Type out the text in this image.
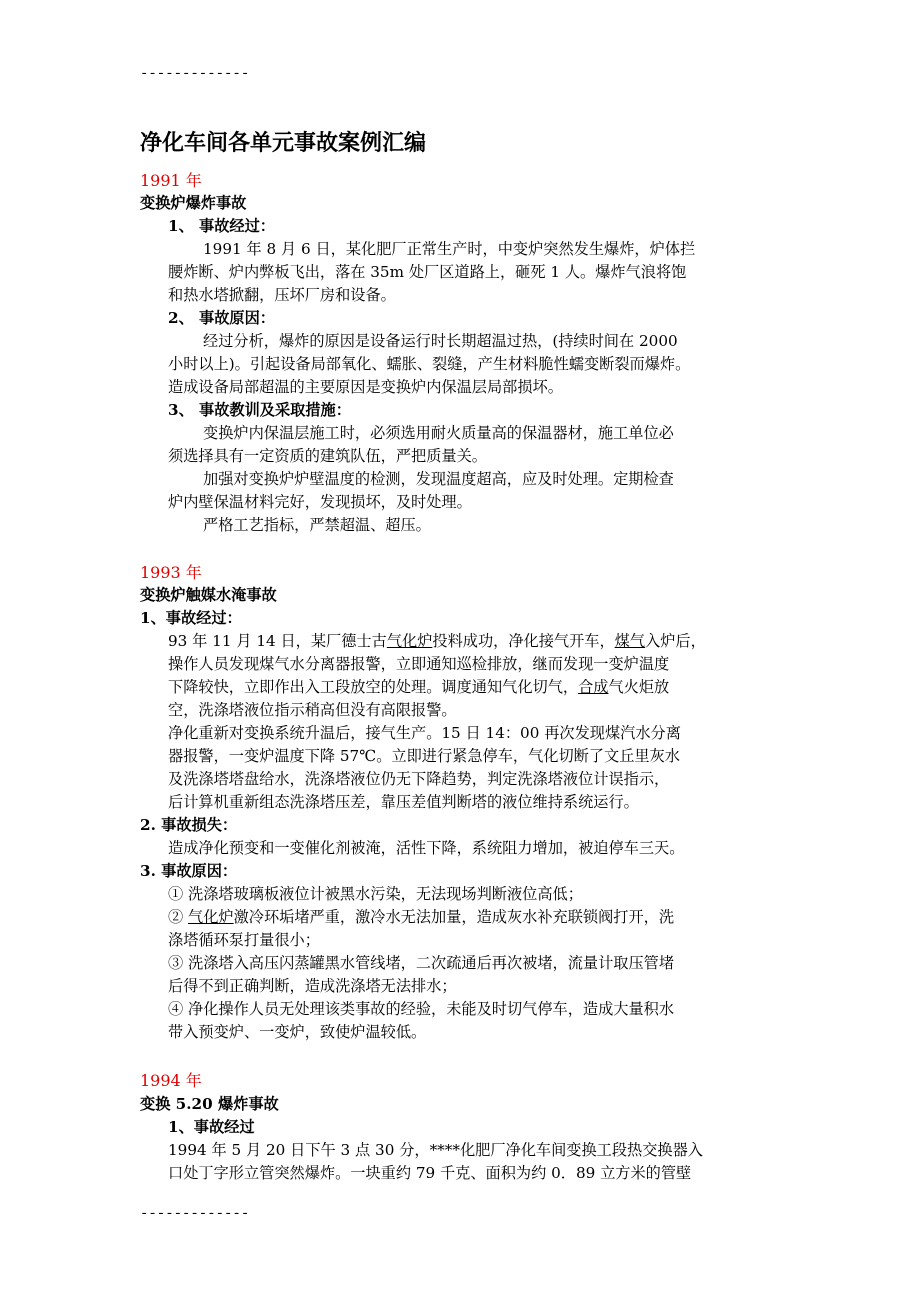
-------------
净化车间各单元事故案例汇编
1991 年
变换炉爆炸事故
1、 事故经过：
1991 年 8 月 6 日，某化肥厂正常生产时，中变炉突然发生爆炸，炉体拦
腰炸断、炉内弊板飞出，落在 35m 处厂区道路上，砸死 1 人。爆炸气浪将饱
和热水塔掀翻，压坏厂房和设备。
2、 事故原因：
经过分析，爆炸的原因是设备运行时长期超温过热，(持续时间在 2000
小时以上)。引起设备局部氧化、蠕胀、裂缝，产生材料脆性蠕变断裂而爆炸。
造成设备局部超温的主要原因是变换炉内保温层局部损坏。
3、 事故教训及采取措施：
变换炉内保温层施工时，必须选用耐火质量高的保温器材，施工单位必
须选择具有一定资质的建筑队伍，严把质量关。
加强对变换炉炉壁温度的检测，发现温度超高，应及时处理。定期检查
炉内壁保温材料完好，发现损坏，及时处理。
严格工艺指标，严禁超温、超压。
1993 年
变换炉触媒水淹事故
1、事故经过：
93 年 11 月 14 日，某厂德士古气化炉投料成功，净化接气开车，煤气入炉后，
操作人员发现煤气水分离器报警，立即通知巡检排放，继而发现一变炉温度
下降较快，立即作出入工段放空的处理。调度通知气化切气，合成气火炬放
空，洗涤塔液位指示稍高但没有高限报警。
净化重新对变换系统升温后，接气生产。15 日 14：00 再次发现煤汽水分离
器报警，一变炉温度下降 57℃。立即进行紧急停车，气化切断了文丘里灰水
及洗涤塔塔盘给水，洗涤塔液位仍无下降趋势，判定洗涤塔液位计误指示，
后计算机重新组态洗涤塔压差，靠压差值判断塔的液位维持系统运行。
2. 事故损失：
造成净化预变和一变催化剂被淹，活性下降，系统阻力增加，被迫停车三天。
3. 事故原因：
① 洗涤塔玻璃板液位计被黑水污染，无法现场判断液位高低；
② 气化炉激冷环垢堵严重，激冷水无法加量，造成灰水补充联锁阀打开，洗
涤塔循环泵打量很小；
③ 洗涤塔入高压闪蒸罐黑水管线堵，二次疏通后再次被堵，流量计取压管堵
后得不到正确判断，造成洗涤塔无法排水；
④ 净化操作人员无处理该类事故的经验，未能及时切气停车，造成大量积水
带入预变炉、一变炉，致使炉温较低。
1994 年
变换 5.20 爆炸事故
1、事故经过
1994 年 5 月 20 日下午 3 点 30 分，****化肥厂净化车间变换工段热交换器入
口处丁字形立管突然爆炸。一块重约 79 千克、面积为约 0．89 立方米的管壁
-------------
